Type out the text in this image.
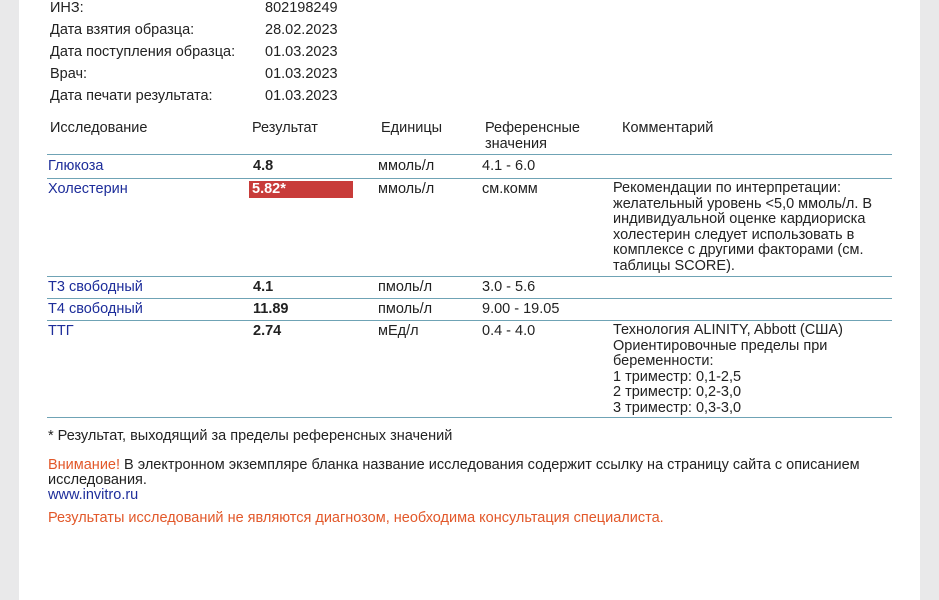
ИНЗ:	802198249
Дата взятия образца:	28.02.2023
Дата поступления образца: 01.03.2023
Врач:	01.03.2023
Дата печати результата:	01.03.2023
Исследование	Результат	Единицы	Референсные
значения
Комментарий
Глюкоза	4.8	ммоль/л	4.1 - 6.0
Холестерин	5.82*	ммоль/л	см.комм	Рекомендации по интерпретации:
желательный уровень <5,0 ммоль/л. В
индивидуальной оценке кардиориска
холестерин следует использовать в
комплексе с другими факторами (см.
таблицы SCORE).
Т3 свободный	4.1	пмоль/л	3.0 - 5.6
Т4 свободный	11.89	пмоль/л	9.00 - 19.05
ТТГ	2.74	мЕд/л	0.4 - 4.0	Технология ALINITY, Abbott (США)
Ориентировочные пределы при
беременности:
1 триместр: 0,1-2,5
2 триместр: 0,2-3,0
3 триместр: 0,3-3,0
* Результат, выходящий за пределы референсных значений
Внимание! В электронном экземпляре бланка название исследования содержит ссылку на страницу сайта с описанием
исследования.
www.invitro.ru
Результаты исследований не являются диагнозом, необходима консультация специалиста.
